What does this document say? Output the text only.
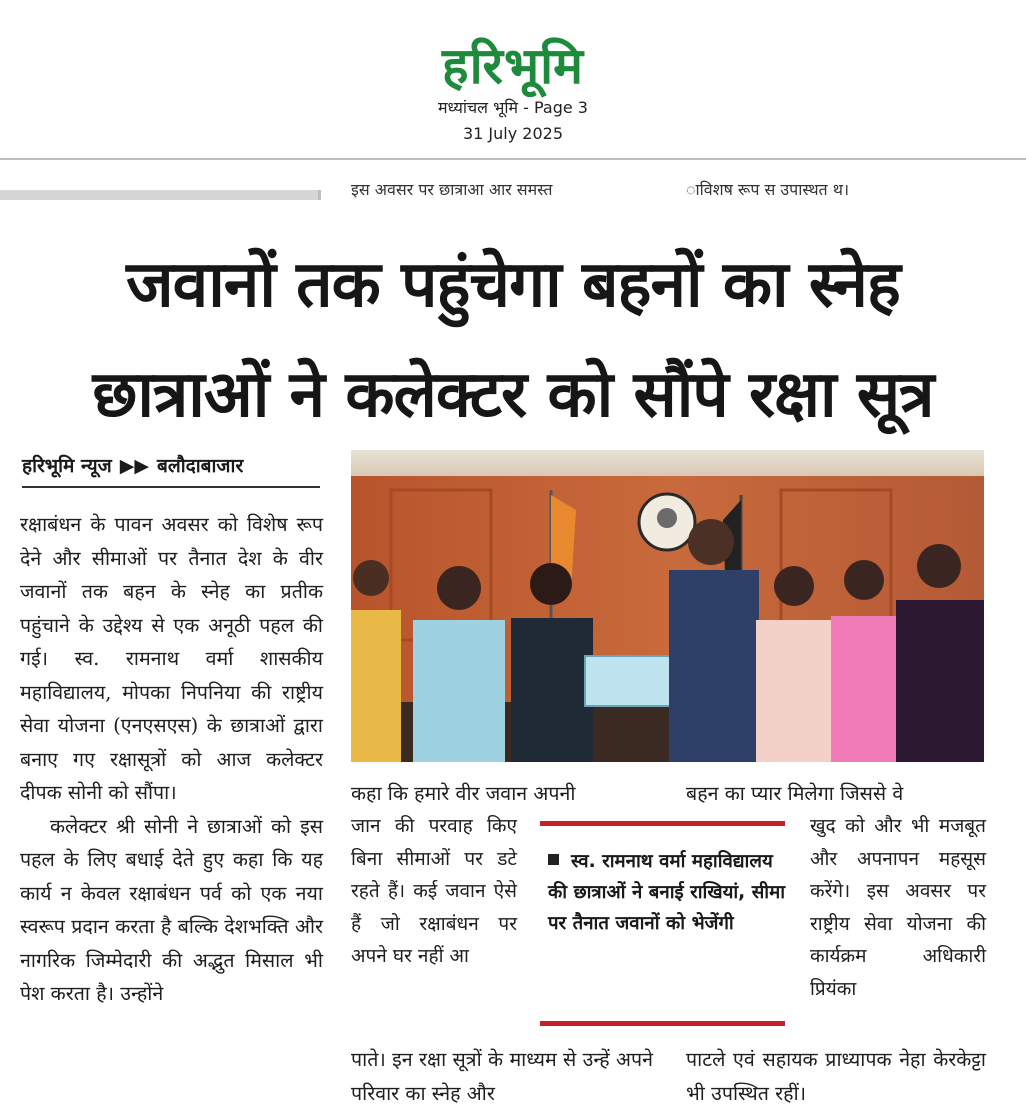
हरिभूमि
मध्यांचल भूमि - Page 3
31 July 2025
इस अवसर पर छात्राआ आर समस्त	ाविशष रूप स उपास्थत थ।
जवानों तक पहुंचेगा बहनों का स्नेह
छात्राओं ने कलेक्टर को सौंपे रक्षा सूत्र
हरिभूमि न्यूज ▶▶ बलौदाबाजार

रक्षाबंधन के पावन अवसर को विशेष रूप देने और सीमाओं पर तैनात देश के वीर जवानों तक बहन के स्नेह का प्रतीक पहुंचाने के उद्देश्य से एक अनूठी पहल की गई। स्व. रामनाथ वर्मा शासकीय महाविद्यालय, मोपका निपनिया की राष्ट्रीय सेवा योजना (एनएसएस) के छात्राओं द्वारा बनाए गए रक्षासूत्रों को आज कलेक्टर दीपक सोनी को सौंपा।

कलेक्टर श्री सोनी ने छात्राओं को इस पहल के लिए बधाई देते हुए कहा कि यह कार्य न केवल रक्षाबंधन पर्व को एक नया स्वरूप प्रदान करता है बल्कि देशभक्ति और नागरिक जिम्मेदारी की अद्भुत मिसाल भी पेश करता है। उन्होंने

कहा कि हमारे वीर जवान अपनी
जान की परवाह किए बिना सीमाओं पर डटे रहते हैं। कई जवान ऐसे हैं जो रक्षाबंधन पर अपने घर नहीं आ
पाते। इन रक्षा सूत्रों के माध्यम से उन्हें अपने परिवार का स्नेह और
स्व. रामनाथ वर्मा महाविद्यालय की छात्राओं ने बनाई राखियां, सीमा पर तैनात जवानों को भेजेंगी
बहन का प्यार मिलेगा जिससे वे
खुद को और भी मजबूत और अपनापन महसूस करेंगे। इस अवसर पर राष्ट्रीय सेवा योजना की कार्यक्रम अधिकारी प्रियंका
पाटले एवं सहायक प्राध्यापक नेहा केरकेट्टा भी उपस्थित रहीं।
